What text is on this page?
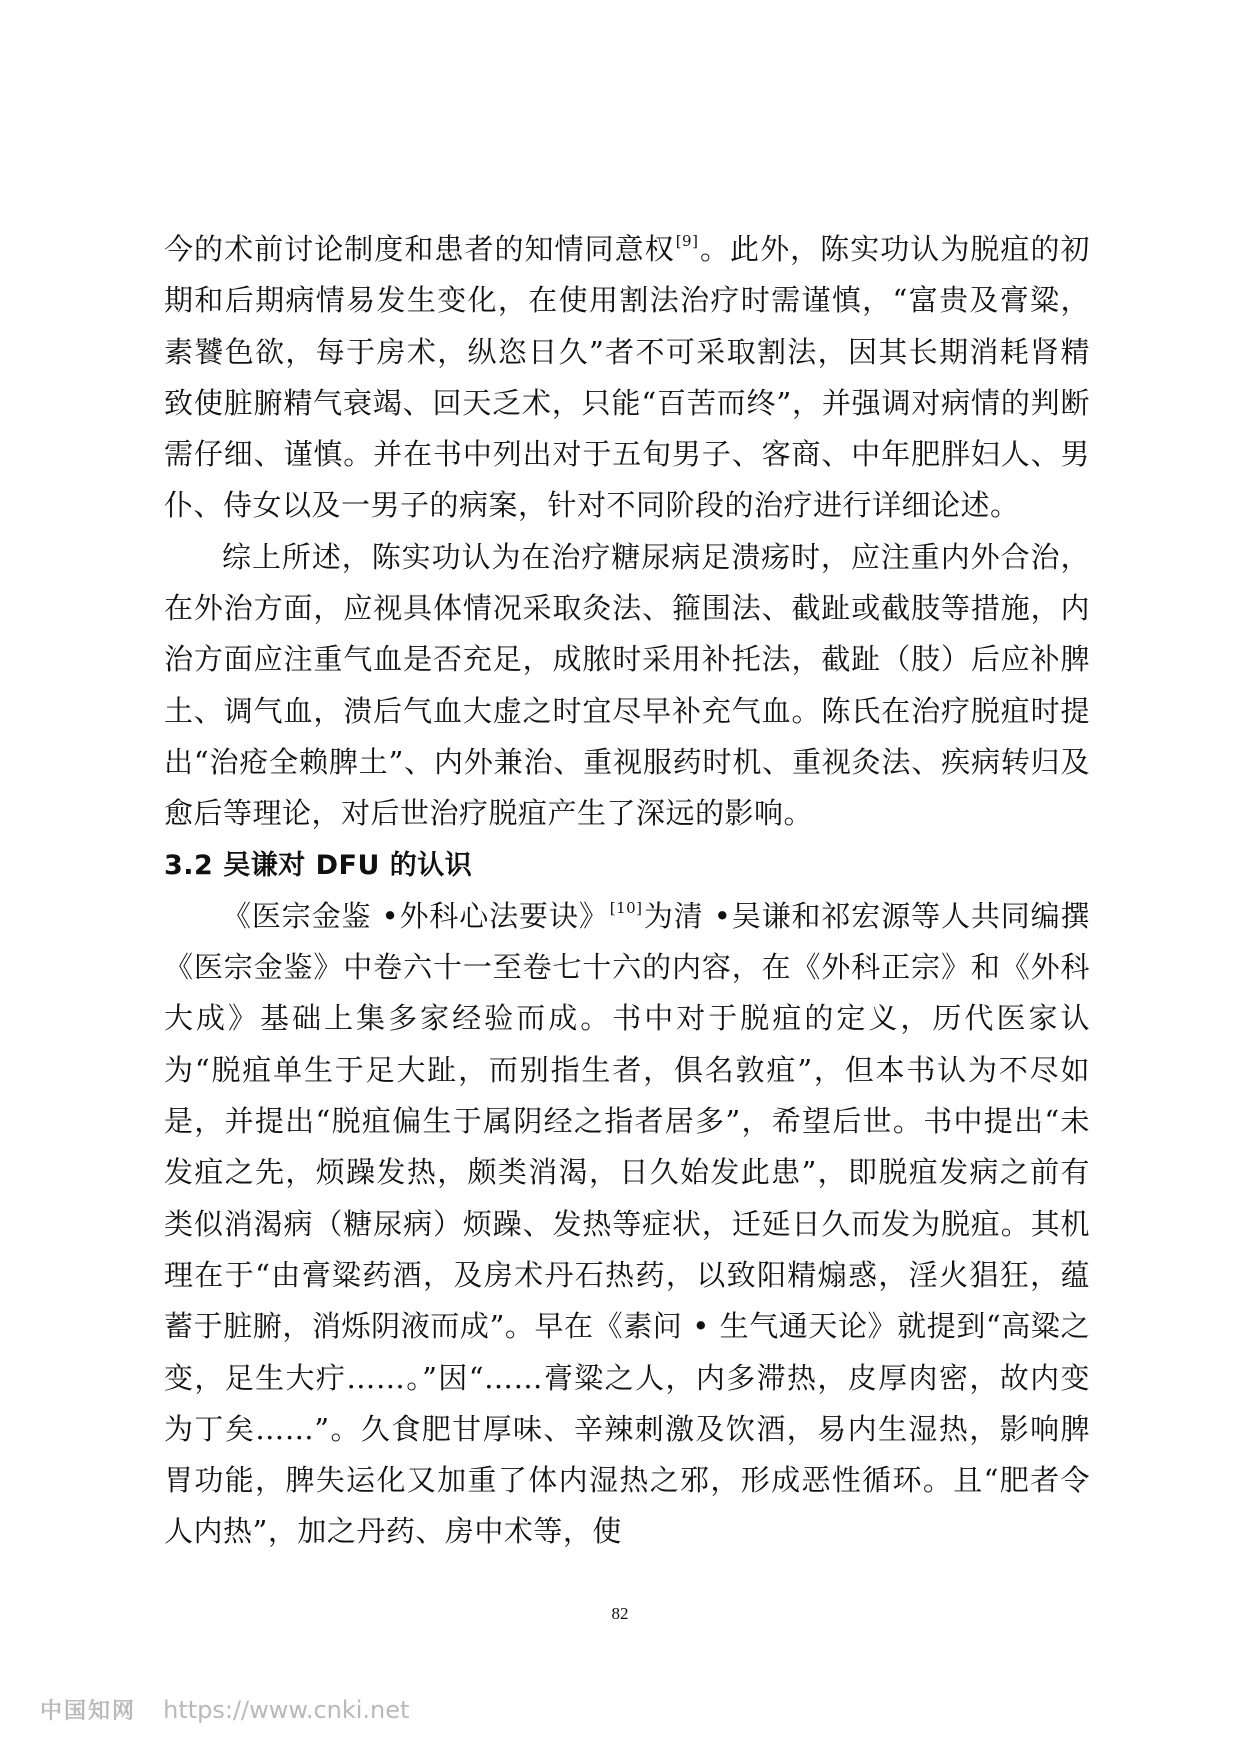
今的术前讨论制度和患者的知情同意权[9]。此外，陈实功认为脱疽的初期和后期病情易发生变化，在使用割法治疗时需谨慎，“富贵及膏粱，素饕色欲，每于房术，纵恣日久”者不可采取割法，因其长期消耗肾精致使脏腑精气衰竭、回天乏术，只能“百苦而终”，并强调对病情的判断需仔细、谨慎。并在书中列出对于五旬男子、客商、中年肥胖妇人、男仆、侍女以及一男子的病案，针对不同阶段的治疗进行详细论述。

综上所述，陈实功认为在治疗糖尿病足溃疡时，应注重内外合治，在外治方面，应视具体情况采取灸法、箍围法、截趾或截肢等措施，内治方面应注重气血是否充足，成脓时采用补托法，截趾（肢）后应补脾土、调气血，溃后气血大虚之时宜尽早补充气血。陈氏在治疗脱疽时提出“治疮全赖脾土”、内外兼治、重视服药时机、重视灸法、疾病转归及愈后等理论，对后世治疗脱疽产生了深远的影响。

3.2 吴谦对 DFU 的认识

《医宗金鉴 •外科心法要诀》[10]为清 •吴谦和祁宏源等人共同编撰《医宗金鉴》中卷六十一至卷七十六的内容，在《外科正宗》和《外科大成》基础上集多家经验而成。书中对于脱疽的定义，历代医家认为“脱疽单生于足大趾，而别指生者，俱名敦疽”，但本书认为不尽如是，并提出“脱疽偏生于属阴经之指者居多”，希望后世。书中提出“未发疽之先，烦躁发热，颇类消渴，日久始发此患”，即脱疽发病之前有类似消渴病（糖尿病）烦躁、发热等症状，迁延日久而发为脱疽。其机理在于“由膏粱药酒，及房术丹石热药，以致阳精煽惑，淫火猖狂，蕴蓄于脏腑，消烁阴液而成”。早在《素问 • 生气通天论》就提到“高粱之变，足生大疔……。”因“……膏粱之人，内多滞热，皮厚肉密，故内变为丁矣……”。久食肥甘厚味、辛辣刺激及饮酒，易内生湿热，影响脾胃功能，脾失运化又加重了体内湿热之邪，形成恶性循环。且“肥者令人内热”，加之丹药、房中术等，使

82
中国知网 https://www.cnki.net
